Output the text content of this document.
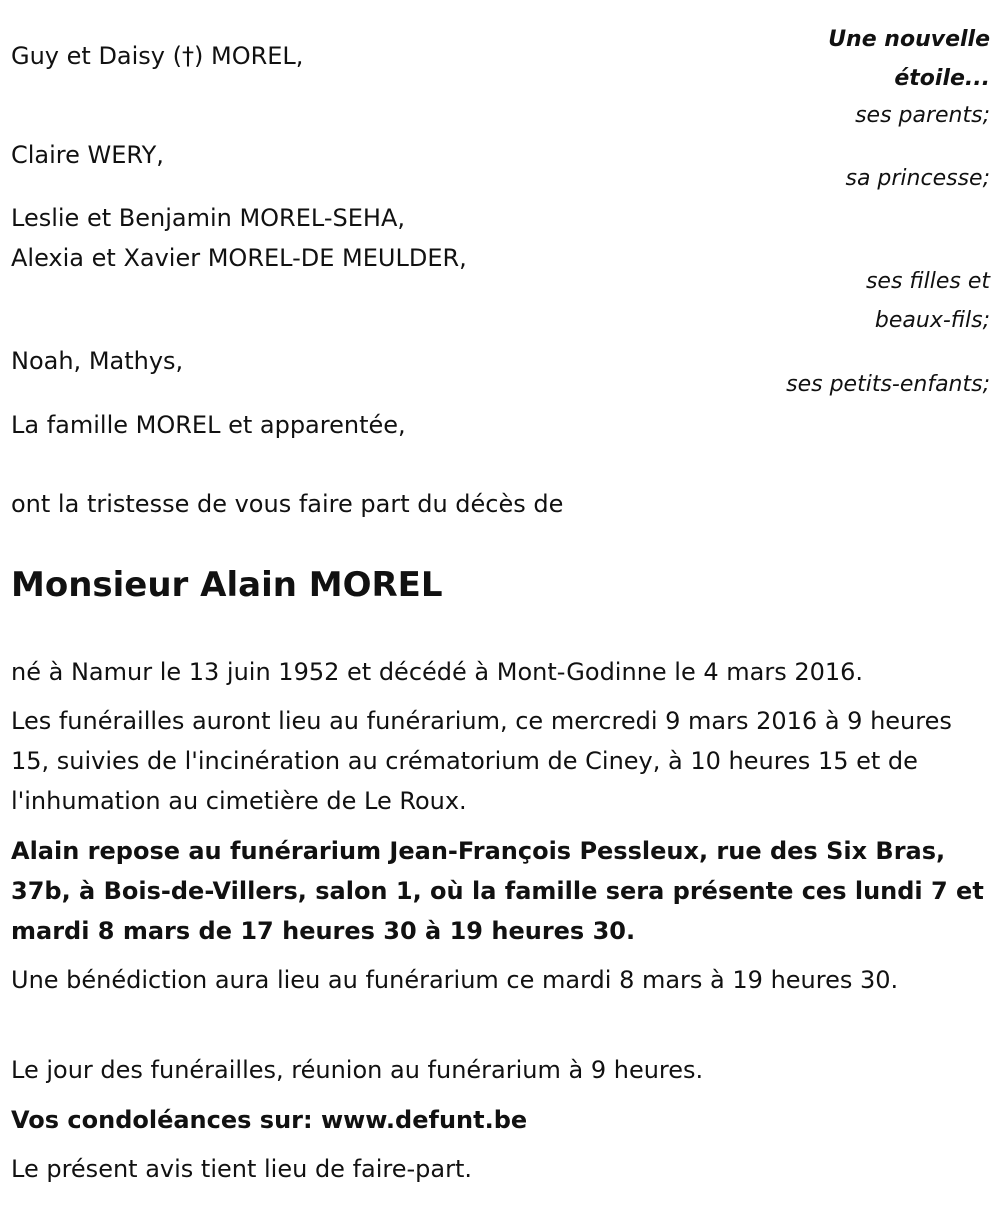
Guy et Daisy (†) MOREL,
Claire WERY,
Leslie et Benjamin MOREL-SEHA,
Alexia et Xavier MOREL-DE MEULDER,
Noah, Mathys,
La famille MOREL et apparentée,
Une nouvelle
étoile...
ses parents;
sa princesse;
ses filles et
beaux-fils;
ses petits-enfants;
ont la tristesse de vous faire part du décès de
Monsieur Alain MOREL
né à Namur le 13 juin 1952 et décédé à Mont-Godinne le 4 mars 2016.
Les funérailles auront lieu au funérarium, ce mercredi 9 mars 2016 à 9 heures 15, suivies de l'incinération au crématorium de Ciney, à 10 heures 15 et de l'inhumation au cimetière de Le Roux.
Alain repose au funérarium Jean-François Pessleux, rue des Six Bras, 37b, à Bois-de-Villers, salon 1, où la famille sera présente ces lundi 7 et mardi 8 mars de 17 heures 30 à 19 heures 30.
Une bénédiction aura lieu au funérarium ce mardi 8 mars à 19 heures 30.
Le jour des funérailles, réunion au funérarium à 9 heures.
Vos condoléances sur: www.defunt.be
Le présent avis tient lieu de faire-part.
